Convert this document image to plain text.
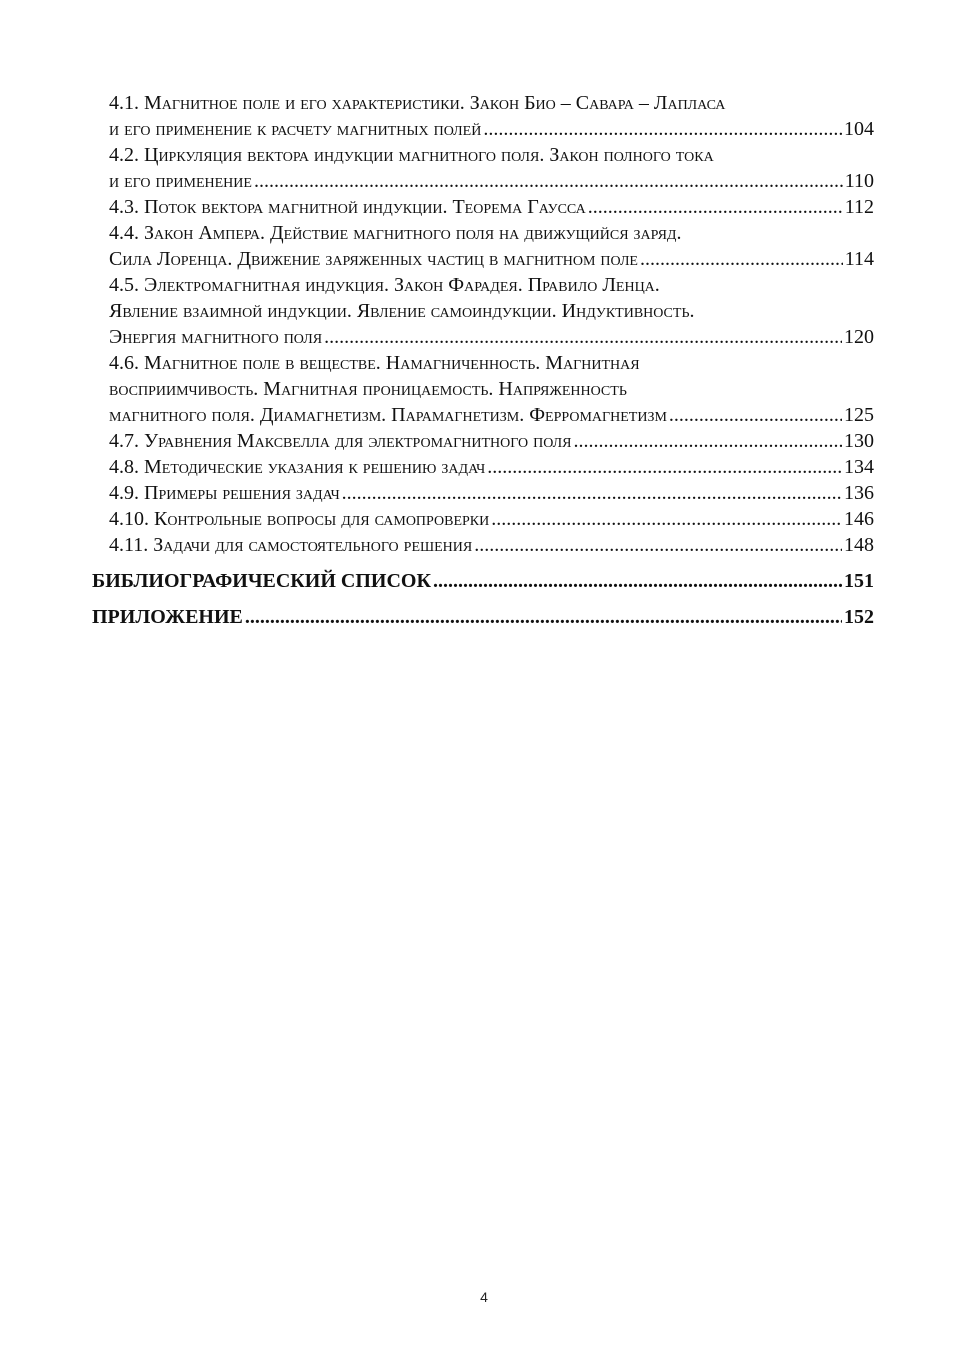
4.1. Магнитное поле и его характеристики. Закон Био – Савара – Лапласа
и его применение к расчету магнитных полей .....	104
4.2. Циркуляция вектора индукции магнитного поля. Закон полного тока
и его применение .....	110
4.3. Поток вектора магнитной индукции. Теорема Гаусса .....	112
4.4. Закон Ампера. Действие магнитного поля на движущийся заряд.
Сила Лоренца. Движение заряженных частиц в магнитном поле .....	114
4.5. Электромагнитная индукция. Закон Фарадея. Правило Ленца.
Явление взаимной индукции. Явление самоиндукции. Индуктивность.
Энергия магнитного поля .....	120
4.6. Магнитное поле в веществе. Намагниченность. Магнитная
восприимчивость. Магнитная проницаемость. Напряженность
магнитного поля. Диамагнетизм. Парамагнетизм. Ферромагнетизм .....	125
4.7. Уравнения Максвелла для электромагнитного поля .....	130
4.8. Методические указания к решению задач .....	134
4.9. Примеры решения задач .....	136
4.10. Контрольные вопросы для самопроверки .....	146
4.11. Задачи для самостоятельного решения .....	148
БИБЛИОГРАФИЧЕСКИЙ СПИСОК .....	151
ПРИЛОЖЕНИЕ .....	152
4
